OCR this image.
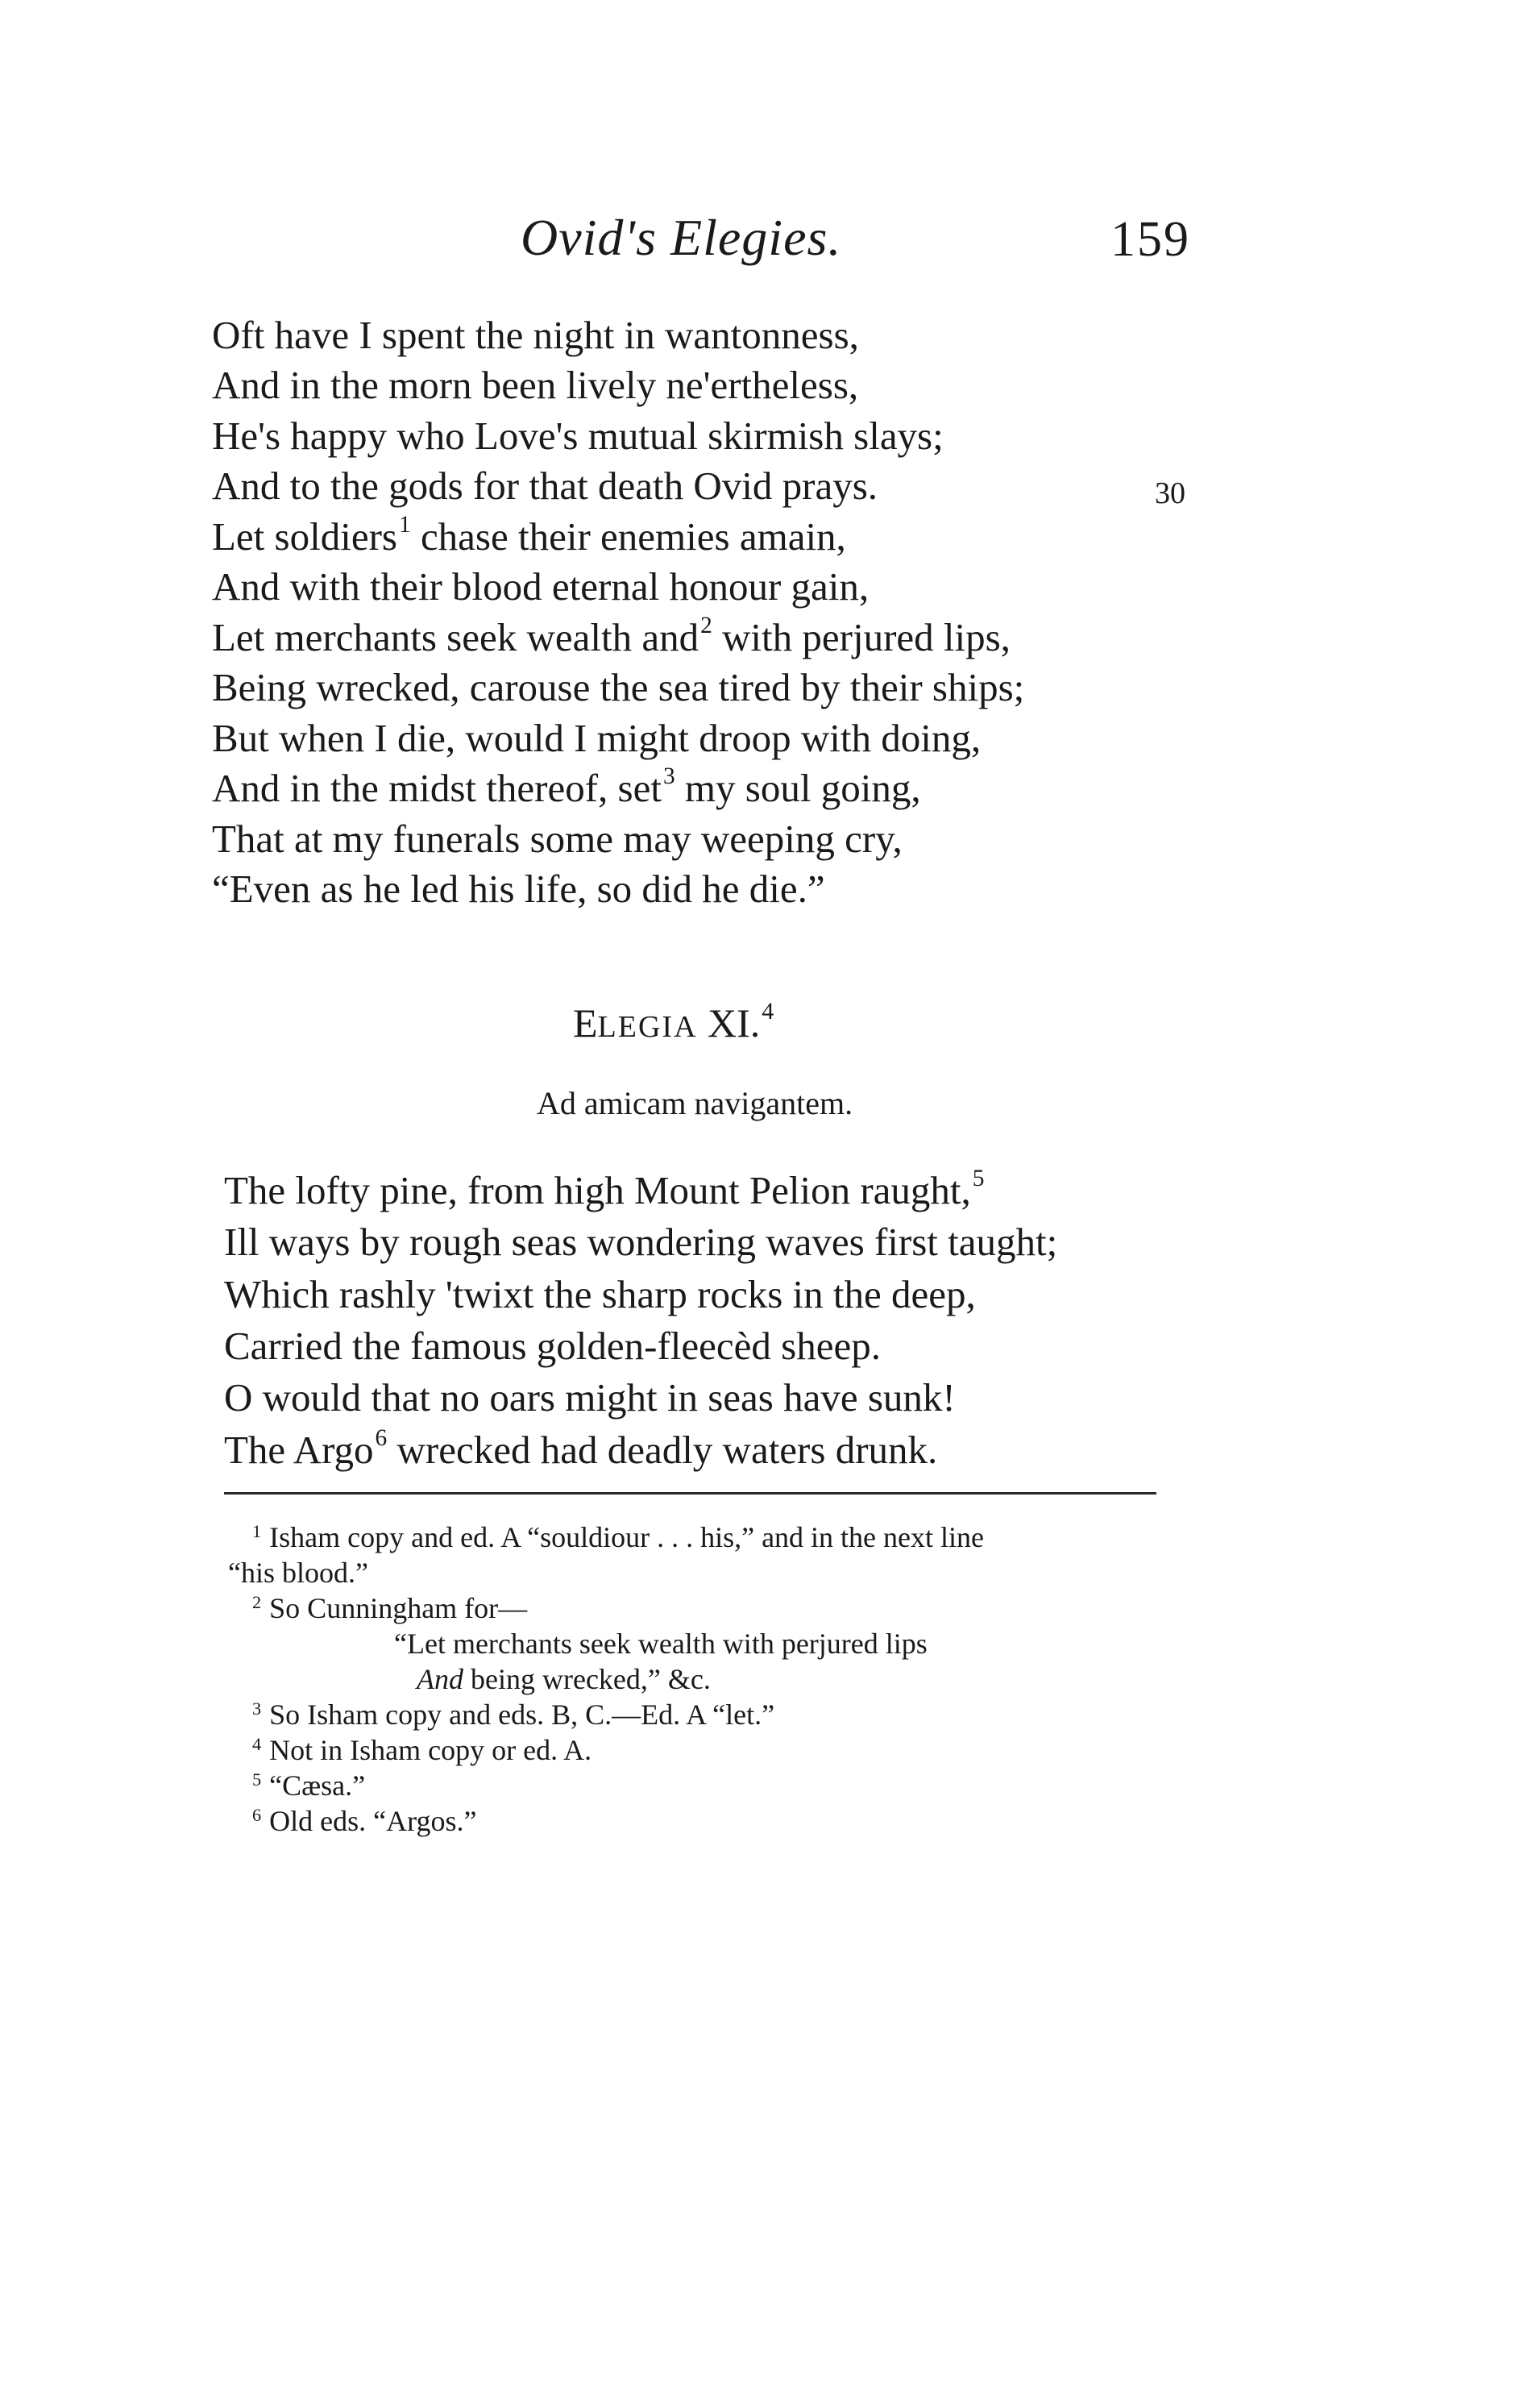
Ovid's Elegies.	159
Oft have I spent the night in wantonness,
And in the morn been lively ne'ertheless,
He's happy who Love's mutual skirmish slays;
And to the gods for that death Ovid prays.
Let soldiers$^1$ chase their enemies amain,
And with their blood eternal honour gain,
Let merchants seek wealth and$^2$ with perjured lips,
Being wrecked, carouse the sea tired by their ships;
But when I die, would I might droop with doing,
And in the midst thereof, set$^3$ my soul going,
That at my funerals some may weeping cry,
“Even as he led his life, so did he die.”
30
ELEGIA XI.$^4$
Ad amicam navigantem.
The lofty pine, from high Mount Pelion raught,$^5$
Ill ways by rough seas wondering waves first taught;
Which rashly 'twixt the sharp rocks in the deep,
Carried the famous golden-fleecèd sheep.
O would that no oars might in seas have sunk!
The Argo$^6$ wrecked had deadly waters drunk.
$^1$ Isham copy and ed. A “souldiour . . . his,” and in the next line
“his blood.”
$^2$ So Cunningham for—
“Let merchants seek wealth with perjured lips
And being wrecked,” &c.
$^3$ So Isham copy and eds. B, C.—Ed. A “let.”
$^4$ Not in Isham copy or ed. A.
$^5$ “Cæsa.”
$^6$ Old eds. “Argos.”
